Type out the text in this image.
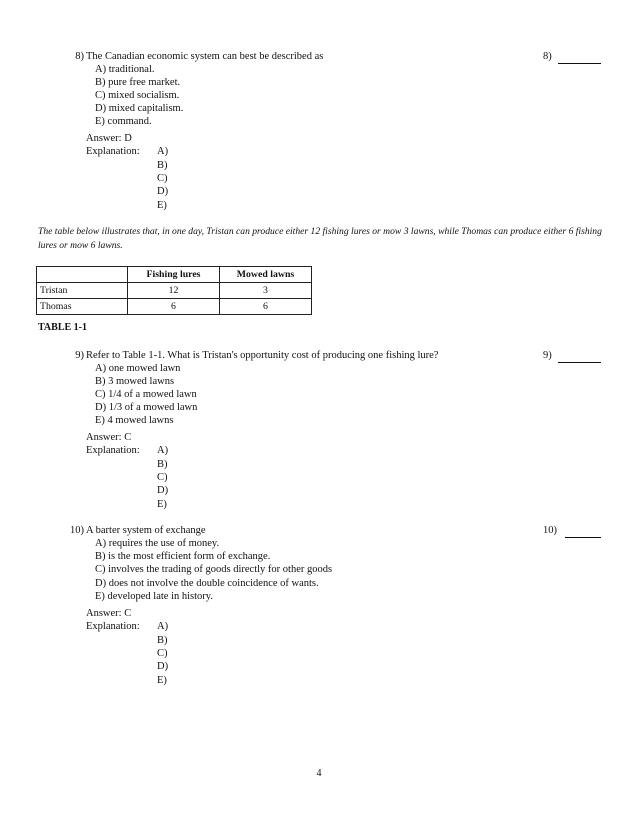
8) The Canadian economic system can best be described as	8)
A) traditional.
B) pure free market.
C) mixed socialism.
D) mixed capitalism.
E) command.
Answer: D
Explanation: A)
B)
C)
D)
E)
The table below illustrates that, in one day, Tristan can produce either 12 fishing lures or mow 3 lawns, while Thomas can produce either 6 fishing lures or mow 6 lawns.
	Fishing lures	Mowed lawns
Tristan	12	3
Thomas	6	6
TABLE 1‐1
9) Refer to Table 1‐1. What is Tristan's opportunity cost of producing one fishing lure?	9)
A) one mowed lawn
B) 3 mowed lawns
C) 1/4 of a mowed lawn
D) 1/3 of a mowed lawn
E) 4 mowed lawns
Answer: C
Explanation: A)
B)
C)
D)
E)
10) A barter system of exchange	10)
A) requires the use of money.
B) is the most efficient form of exchange.
C) involves the trading of goods directly for other goods
D) does not involve the double coincidence of wants.
E) developed late in history.
Answer: C
Explanation: A)
B)
C)
D)
E)
4
